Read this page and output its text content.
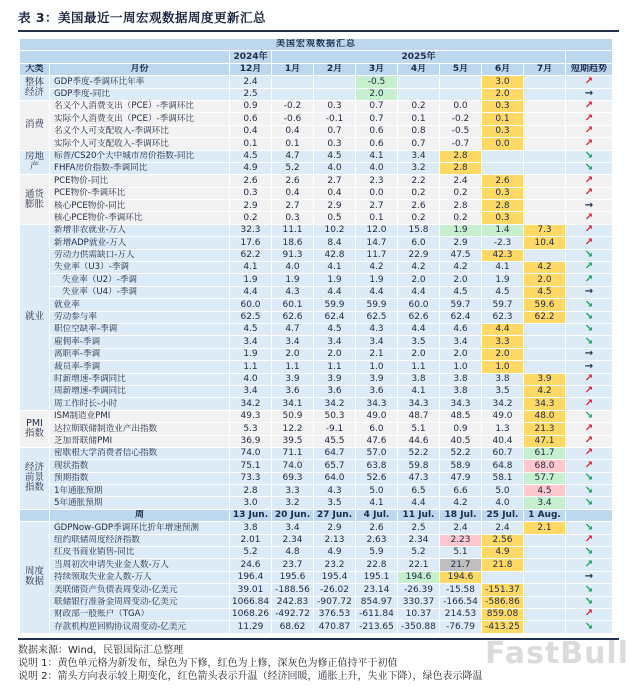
表 3：美国最近一周宏观数据周度更新汇总
美国宏观数据汇总										
		2024年	2025年							
大类	月份	12月	1月	2月	3月	4月	5月	6月	7月	短期趋势
整体经济	GDP季度-季调环比年率	2.4			-0.5			3.0		↗
	GDP季度-同比	2.5			2.0			2.0		→
消费	名义个人消费支出（PCE）-季调环比	0.9	-0.2	0.3	0.7	0.2	0.0	0.3		↗
	实际个人消费支出（PCE）-季调环比	0.6	-0.6	-0.1	0.7	0.1	-0.2	0.1		↗
	名义个人可支配收入-季调环比	0.4	0.4	0.7	0.6	0.8	-0.5	0.3		↗
	实际个人可支配收入-季调环比	0.1	0.1	0.3	0.6	0.7	-0.7	0.0		↗
房地产	标普/CS20个大中城市房价指数-同比	4.5	4.7	4.5	4.1	3.4	2.8			↘
	FHFA房价指数-季调同比	4.9	5.2	4.0	4.0	3.2	2.8			↘
通货膨胀	PCE物价-同比	2.6	2.6	2.7	2.3	2.2	2.4	2.6		↗
	PCE物价-季调环比	0.3	0.4	0.4	0.0	0.2	0.2	0.3		↗
	核心PCE物价-同比	2.9	2.7	2.9	2.7	2.6	2.8	2.8		→
	核心PCE物价-季调环比	0.2	0.3	0.5	0.1	0.2	0.2	0.3		↗
就业	新增非农就业-万人	32.3	11.1	10.2	12.0	15.8	1.9	1.4	7.3	↗
	新增ADP就业-万人	17.6	18.6	8.4	14.7	6.0	2.9	-2.3	10.4	↗
	劳动力供需缺口-万人	62.2	91.3	42.8	11.7	22.9	47.5	42.3		↘
	失业率（U3）-季调	4.1	4.0	4.1	4.2	4.2	4.2	4.1	4.2	↗
	失业率（U2）-季调	1.9	1.9	1.9	1.9	2.0	2.0	1.9	2.0	↗
	失业率（U4）-季调	4.4	4.3	4.4	4.4	4.4	4.5	4.5	4.5	→
	就业率	60.0	60.1	59.9	59.9	60.0	59.7	59.7	59.6	↘
	劳动参与率	62.5	62.6	62.4	62.5	62.6	62.4	62.3	62.2	↘
	职位空缺率-季调	4.5	4.7	4.5	4.3	4.4	4.6	4.4		↘
	雇佣率-季调	3.4	3.4	3.4	3.4	3.5	3.4	3.3		↘
	离职率-季调	1.9	2.0	2.0	2.1	2.0	2.0	2.0		→
	裁员率-季调	1.1	1.1	1.1	1.0	1.1	1.0	1.0		→
	时薪增速-季调同比	4.0	3.9	3.9	3.9	3.8	3.8	3.8	3.9	↗
	周薪增速-季调同比	3.4	3.6	3.6	3.6	4.1	3.8	3.5	4.2	↗
	周工作时长-小时	34.2	34.1	34.2	34.3	34.3	34.3	34.2	34.3	↗
PMI指数	ISM制造业PMI	49.3	50.9	50.3	49.0	48.7	48.5	49.0	48.0	↘
	达拉斯联储制造业产出指数	5.3	12.2	-9.1	6.0	5.1	0.9	1.3	21.3	↗
	芝加哥联储PMI	36.9	39.5	45.5	47.6	44.6	40.5	40.4	47.1	↗
经济前景指数	密歇根大学消费者信心指数	74.0	71.1	64.7	57.0	52.2	52.2	60.7	61.7	↗
	现状指数	75.1	74.0	65.7	63.8	59.8	58.9	64.8	68.0	↗
	预期指数	73.3	69.3	64.0	52.6	47.3	47.9	58.1	57.7	↘
	1年通胀预期	2.8	3.3	4.3	5.0	6.5	6.6	5.0	4.5	↘
	5年通胀预期	3.0	3.2	3.5	4.1	4.4	4.2	4.0	3.4	↘
	周	13 Jun.	20 Jun.	27 Jun.	4 Jul.	11 Jul.	18 Jul.	25 Jul.	1 Aug.	
周度数据	GDPNow-GDP季调环比折年增速预测	3.8	3.4	2.9	2.6	2.5	2.4	2.4	2.1	↘
	纽约联储周度经济指数	2.01	2.34	2.13	2.63	2.34	2.23	2.56		↗
	红皮书商业销售-同比	5.2	4.8	4.9	5.9	5.2	5.1	4.9		↘
	当周初次申请失业金人数-万人	24.6	23.7	23.2	22.8	22.1	21.7	21.8		↗
	持续领取失业金人数-万人	196.4	195.6	195.4	195.1	194.6	194.6			→
	美联储资产负债表周变动-亿美元	39.01	-188.56	-26.02	23.14	-26.39	-15.58	-151.37		↘
	联储银行准备金周周变动-亿美元	1066.84	242.83	-907.72	854.97	330.37	-166.54	-586.86		↘
	财政部一般账户（TGA）	1068.26	-492.72	376.53	-611.84	10.37	214.53	859.08		↗
	存款机构逆回购协议周变动-亿美元	11.29	68.62	470.87	-213.65	-350.88	-76.79	-413.25		↘
数据来源：Wind，民银国际汇总整理
说明 1：黄色单元格为新发布，绿色为下修，红色为上修，深灰色为修正值持平于初值
说明 2：箭头方向表示较上期变化，红色箭头表示升温（经济回暖，通胀上升，失业下降），绿色表示降温
FastBull
